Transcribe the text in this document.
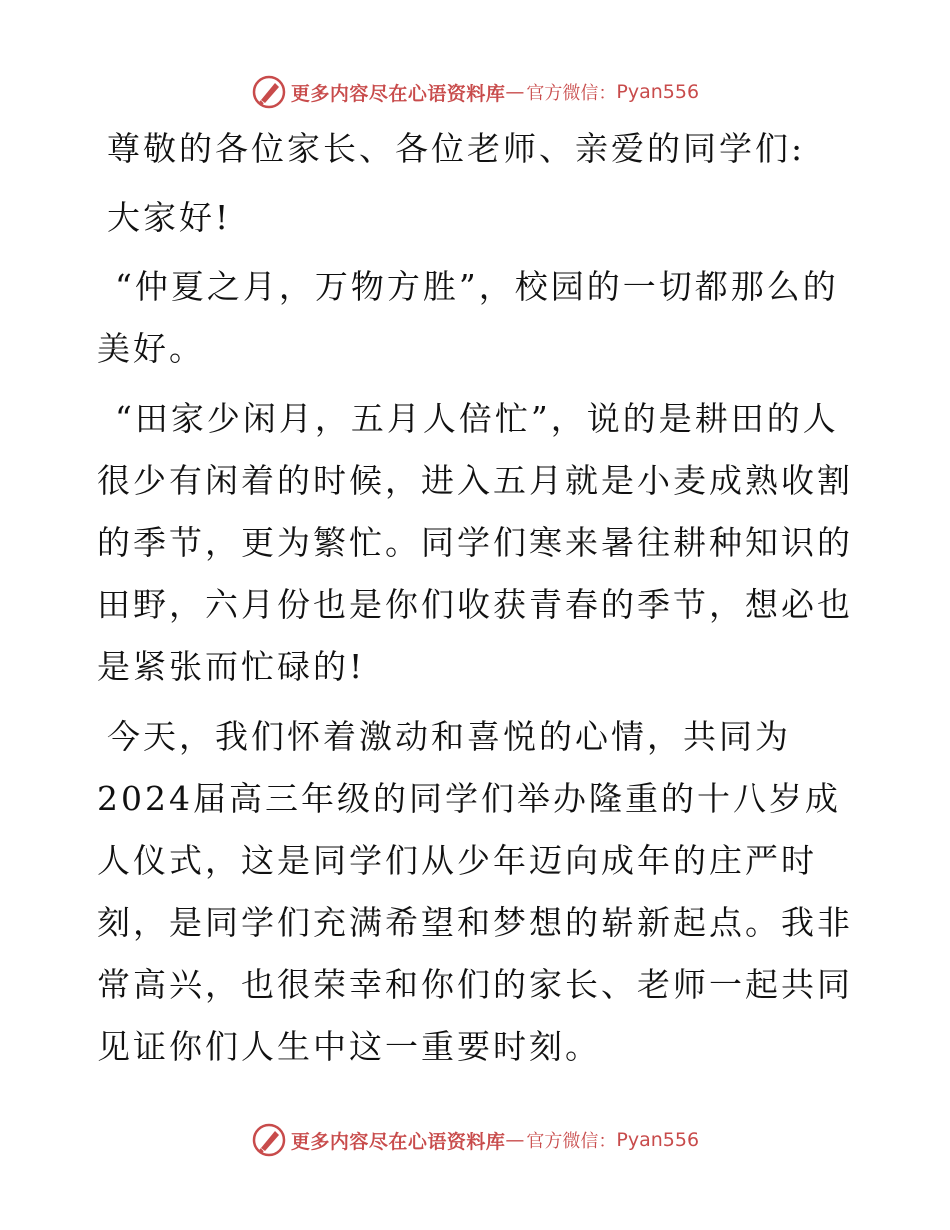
更多内容尽在心语资料库 — 官方微信： Pyan556

尊敬的各位家长、各位老师、亲爱的同学们:

大家好!

“仲夏之月，万物方胜”，校园的一切都那么的美好。

“田家少闲月，五月人倍忙”，说的是耕田的人很少有闲着的时候，进入五月就是小麦成熟收割的季节，更为繁忙。同学们寒来暑往耕种知识的田野，六月份也是你们收获青春的季节，想必也是紧张而忙碌的!

今天，我们怀着激动和喜悦的心情，共同为2024届高三年级的同学们举办隆重的十八岁成人仪式，这是同学们从少年迈向成年的庄严时刻，是同学们充满希望和梦想的崭新起点。我非常高兴，也很荣幸和你们的家长、老师一起共同见证你们人生中这一重要时刻。

更多内容尽在心语资料库 — 官方微信： Pyan556
